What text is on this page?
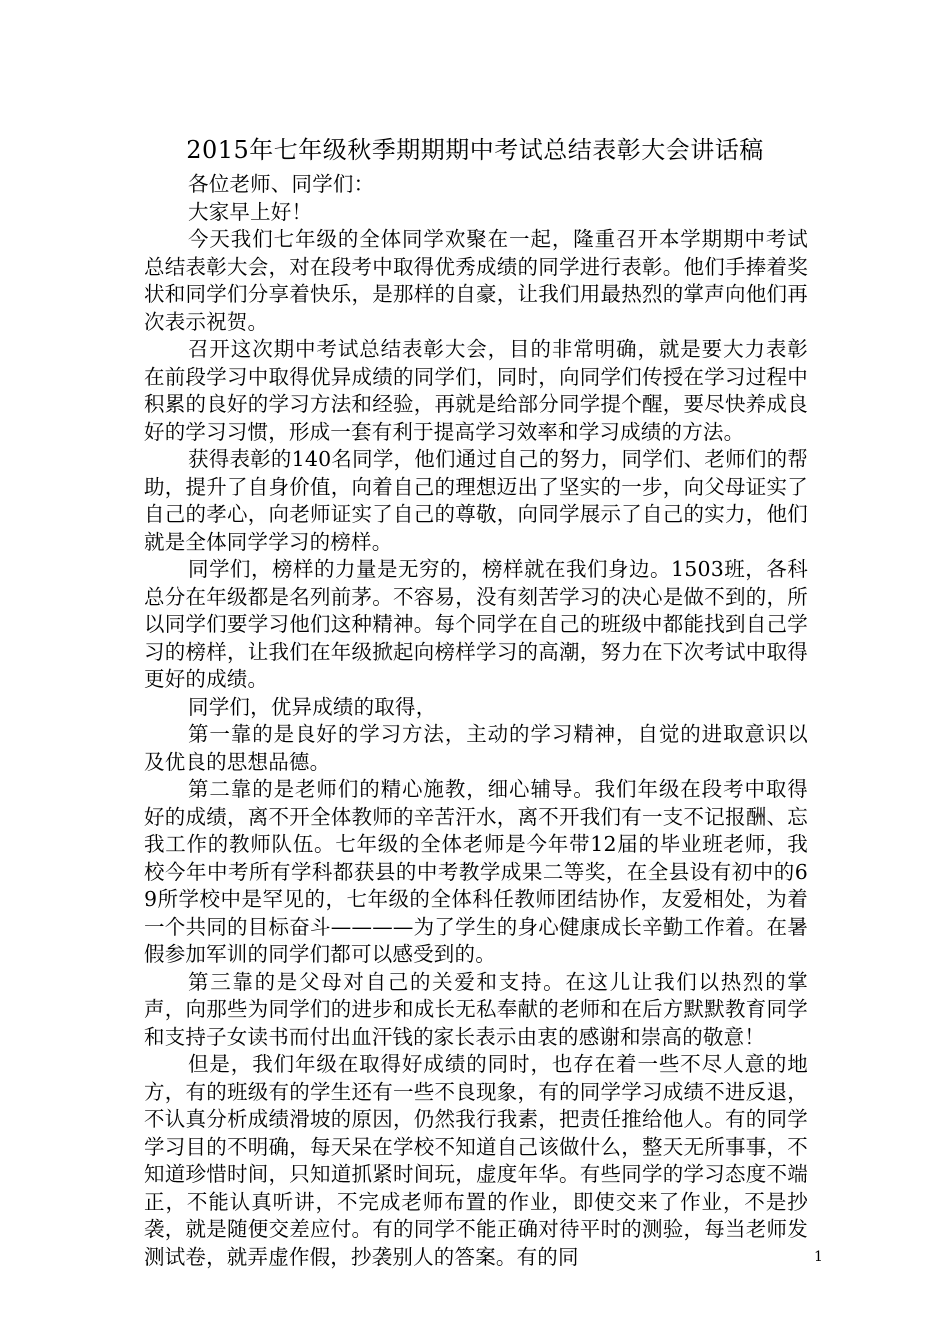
2015年七年级秋季期期期中考试总结表彰大会讲话稿

各位老师、同学们：

大家早上好！

今天我们七年级的全体同学欢聚在一起，隆重召开本学期期中考试总结表彰大会，对在段考中取得优秀成绩的同学进行表彰。他们手捧着奖状和同学们分享着快乐，是那样的自豪，让我们用最热烈的掌声向他们再次表示祝贺。

召开这次期中考试总结表彰大会，目的非常明确，就是要大力表彰在前段学习中取得优异成绩的同学们，同时，向同学们传授在学习过程中积累的良好的学习方法和经验，再就是给部分同学提个醒，要尽快养成良好的学习习惯，形成一套有利于提高学习效率和学习成绩的方法。

获得表彰的140名同学，他们通过自己的努力，同学们、老师们的帮助，提升了自身价值，向着自己的理想迈出了坚实的一步，向父母证实了自己的孝心，向老师证实了自己的尊敬，向同学展示了自己的实力，他们就是全体同学学习的榜样。

同学们，榜样的力量是无穷的，榜样就在我们身边。1503班，各科总分在年级都是名列前茅。不容易，没有刻苦学习的决心是做不到的，所以同学们要学习他们这种精神。每个同学在自己的班级中都能找到自己学习的榜样，让我们在年级掀起向榜样学习的高潮，努力在下次考试中取得更好的成绩。

同学们，优异成绩的取得，

第一靠的是良好的学习方法，主动的学习精神，自觉的进取意识以及优良的思想品德。

第二靠的是老师们的精心施教，细心辅导。我们年级在段考中取得好的成绩，离不开全体教师的辛苦汗水，离不开我们有一支不记报酬、忘我工作的教师队伍。七年级的全体老师是今年带12届的毕业班老师，我校今年中考所有学科都获县的中考教学成果二等奖，在全县设有初中的69所学校中是罕见的，七年级的全体科任教师团结协作，友爱相处，为着一个共同的目标奋斗————为了学生的身心健康成长辛勤工作着。在暑假参加军训的同学们都可以感受到的。

第三靠的是父母对自己的关爱和支持。在这儿让我们以热烈的掌声，向那些为同学们的进步和成长无私奉献的老师和在后方默默教育同学和支持子女读书而付出血汗钱的家长表示由衷的感谢和崇高的敬意！

但是，我们年级在取得好成绩的同时，也存在着一些不尽人意的地方，有的班级有的学生还有一些不良现象，有的同学学习成绩不进反退，不认真分析成绩滑坡的原因，仍然我行我素，把责任推给他人。有的同学学习目的不明确，每天呆在学校不知道自己该做什么，整天无所事事，不知道珍惜时间，只知道抓紧时间玩，虚度年华。有些同学的学习态度不端正，不能认真听讲，不完成老师布置的作业，即使交来了作业，不是抄袭，就是随便交差应付。有的同学不能正确对待平时的测验，每当老师发测试卷，就弄虚作假，抄袭别人的答案。有的同	1
